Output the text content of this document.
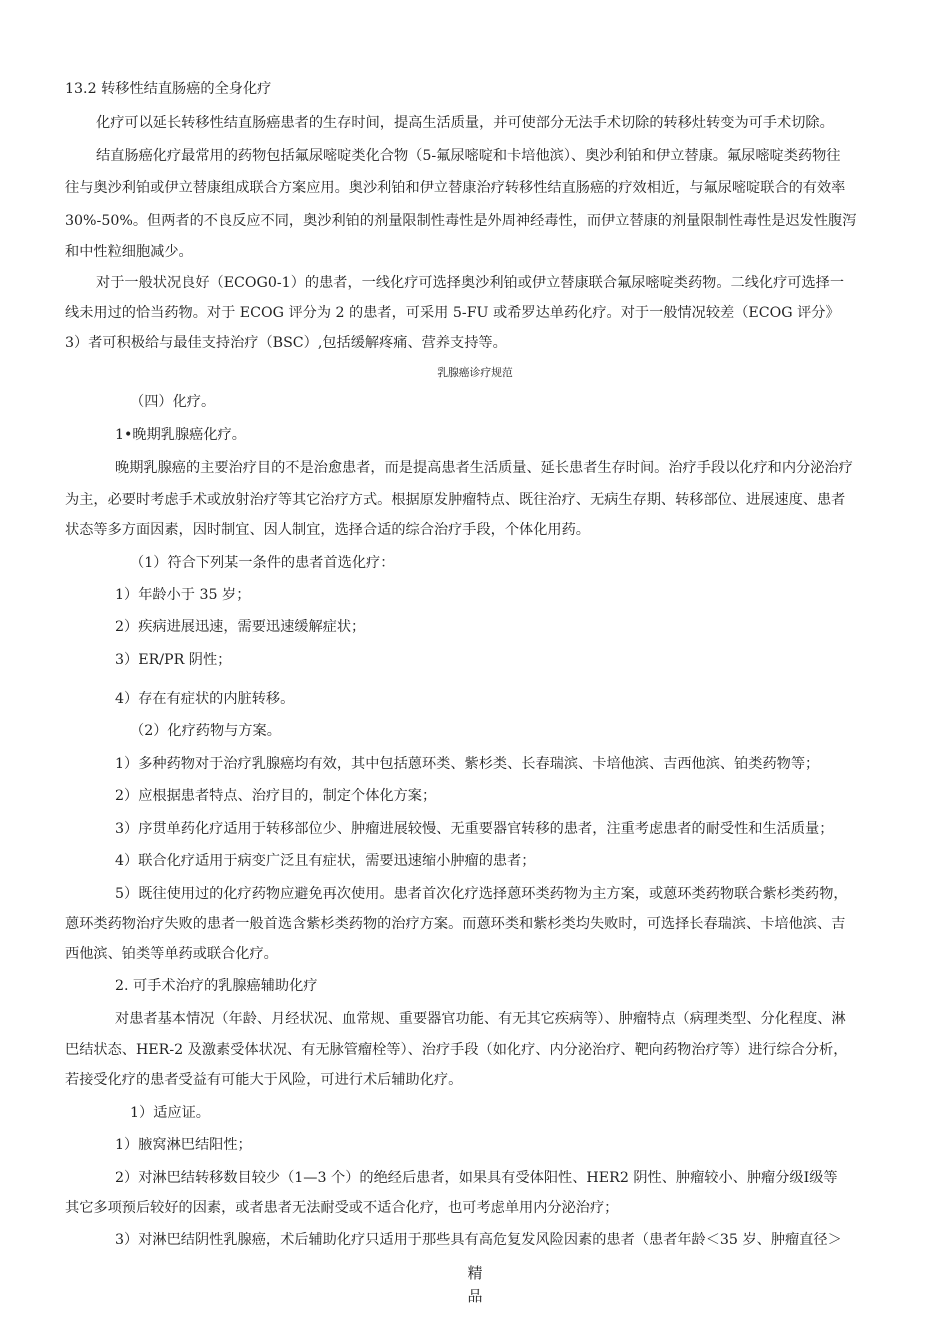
13.2 转移性结直肠癌的全身化疗
化疗可以延长转移性结直肠癌患者的生存时间，提高生活质量，并可使部分无法手术切除的转移灶转变为可手术切除。
结直肠癌化疗最常用的药物包括氟尿嘧啶类化合物（5-氟尿嘧啶和卡培他滨）、奥沙利铂和伊立替康。氟尿嘧啶类药物往
往与奥沙利铂或伊立替康组成联合方案应用。奥沙利铂和伊立替康治疗转移性结直肠癌的疗效相近，与氟尿嘧啶联合的有效率
30%-50%。但两者的不良反应不同，奥沙利铂的剂量限制性毒性是外周神经毒性，而伊立替康的剂量限制性毒性是迟发性腹泻
和中性粒细胞减少。
对于一般状况良好（ECOG0-1）的患者，一线化疗可选择奥沙利铂或伊立替康联合氟尿嘧啶类药物。二线化疗可选择一
线未用过的恰当药物。对于 ECOG 评分为 2 的患者，可采用 5-FU 或希罗达单药化疗。对于一般情况较差（ECOG 评分》
3）者可积极给与最佳支持治疗（BSC）,包括缓解疼痛、营养支持等。
乳腺癌诊疗规范
（四）化疗。
1•晚期乳腺癌化疗。
晚期乳腺癌的主要治疗目的不是治愈患者，而是提高患者生活质量、延长患者生存时间。治疗手段以化疗和内分泌治疗
为主，必要时考虑手术或放射治疗等其它治疗方式。根据原发肿瘤特点、既往治疗、无病生存期、转移部位、进展速度、患者
状态等多方面因素，因时制宜、因人制宜，选择合适的综合治疗手段，个体化用药。
（1）符合下列某一条件的患者首选化疗：
1）年龄小于 35 岁；
2）疾病进展迅速，需要迅速缓解症状；
3）ER/PR 阴性；
4）存在有症状的内脏转移。
（2）化疗药物与方案。
1）多种药物对于治疗乳腺癌均有效，其中包括蒽环类、紫杉类、长春瑞滨、卡培他滨、吉西他滨、铂类药物等；
2）应根据患者特点、治疗目的，制定个体化方案；
3）序贯单药化疗适用于转移部位少、肿瘤进展较慢、无重要器官转移的患者，注重考虑患者的耐受性和生活质量；
4）联合化疗适用于病变广泛且有症状，需要迅速缩小肿瘤的患者；
5）既往使用过的化疗药物应避免再次使用。患者首次化疗选择蒽环类药物为主方案，或蒽环类药物联合紫杉类药物，
蒽环类药物治疗失败的患者一般首选含紫杉类药物的治疗方案。而蒽环类和紫杉类均失败时，可选择长春瑞滨、卡培他滨、吉
西他滨、铂类等单药或联合化疗。
2. 可手术治疗的乳腺癌辅助化疗
对患者基本情况（年龄、月经状况、血常规、重要器官功能、有无其它疾病等）、肿瘤特点（病理类型、分化程度、淋
巴结状态、HER-2 及激素受体状况、有无脉管瘤栓等）、治疗手段（如化疗、内分泌治疗、靶向药物治疗等）进行综合分析，
若接受化疗的患者受益有可能大于风险，可进行术后辅助化疗。
1）适应证。
1）腋窝淋巴结阳性；
2）对淋巴结转移数目较少（1—3 个）的绝经后患者，如果具有受体阳性、HER2 阴性、肿瘤较小、肿瘤分级Ⅰ级等
其它多项预后较好的因素，或者患者无法耐受或不适合化疗，也可考虑单用内分泌治疗；
3）对淋巴结阴性乳腺癌，术后辅助化疗只适用于那些具有高危复发风险因素的患者（患者年龄＜35 岁、肿瘤直径＞
精
品
